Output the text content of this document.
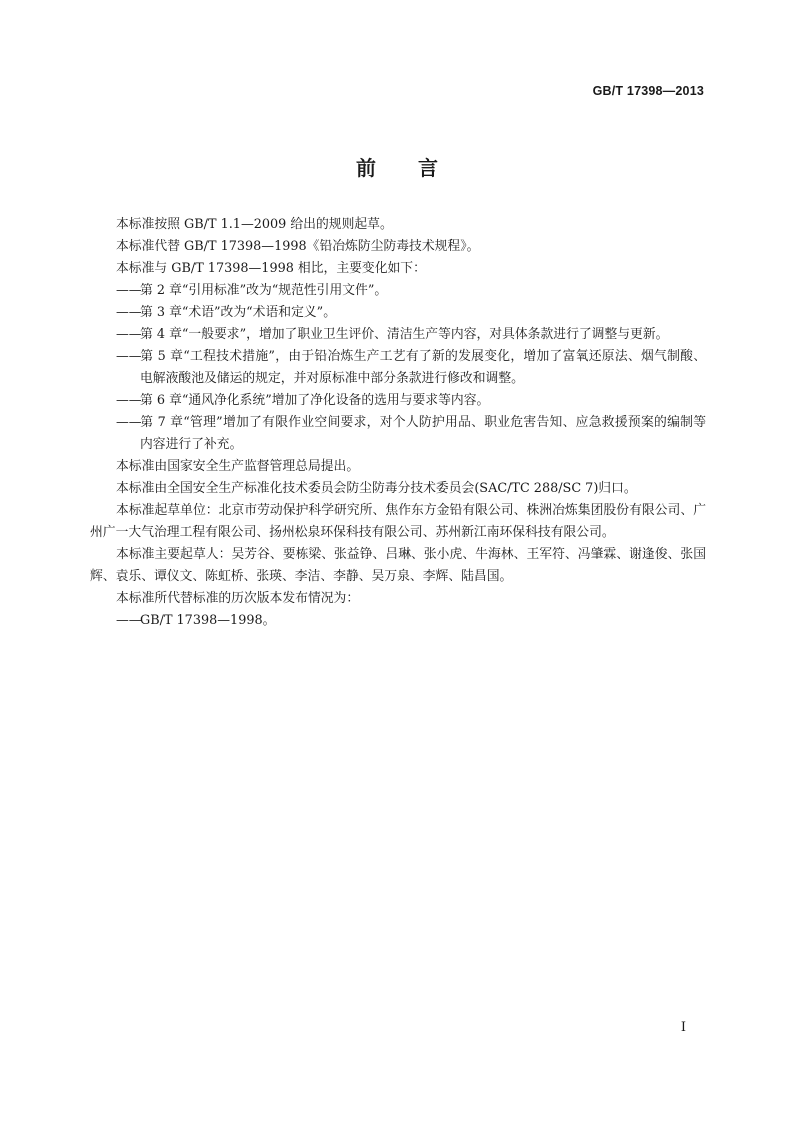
GB/T 17398—2013
前言

本标准按照 GB/T 1.1—2009 给出的规则起草。

本标准代替 GB/T 17398—1998《铅冶炼防尘防毒技术规程》。

本标准与 GB/T 17398—1998 相比，主要变化如下：

——第 2 章“引用标准”改为“规范性引用文件”。

——第 3 章“术语”改为“术语和定义”。

——第 4 章“一般要求”，增加了职业卫生评价、清洁生产等内容，对具体条款进行了调整与更新。

——第 5 章“工程技术措施”，由于铅冶炼生产工艺有了新的发展变化，增加了富氧还原法、烟气制酸、电解液酸池及储运的规定，并对原标准中部分条款进行修改和调整。

——第 6 章“通风净化系统”增加了净化设备的选用与要求等内容。

——第 7 章“管理”增加了有限作业空间要求，对个人防护用品、职业危害告知、应急救援预案的编制等内容进行了补充。

本标准由国家安全生产监督管理总局提出。

本标准由全国安全生产标准化技术委员会防尘防毒分技术委员会(SAC/TC 288/SC 7)归口。

本标准起草单位：北京市劳动保护科学研究所、焦作东方金铅有限公司、株洲冶炼集团股份有限公司、广州广一大气治理工程有限公司、扬州松泉环保科技有限公司、苏州新江南环保科技有限公司。

本标准主要起草人：吴芳谷、要栋梁、张益铮、吕琳、张小虎、牛海林、王军符、冯肇霖、谢逢俊、张国辉、袁乐、谭仪文、陈虹桥、张瑛、李洁、李静、吴万泉、李辉、陆昌国。

本标准所代替标准的历次版本发布情况为：

——GB/T 17398—1998。

I
